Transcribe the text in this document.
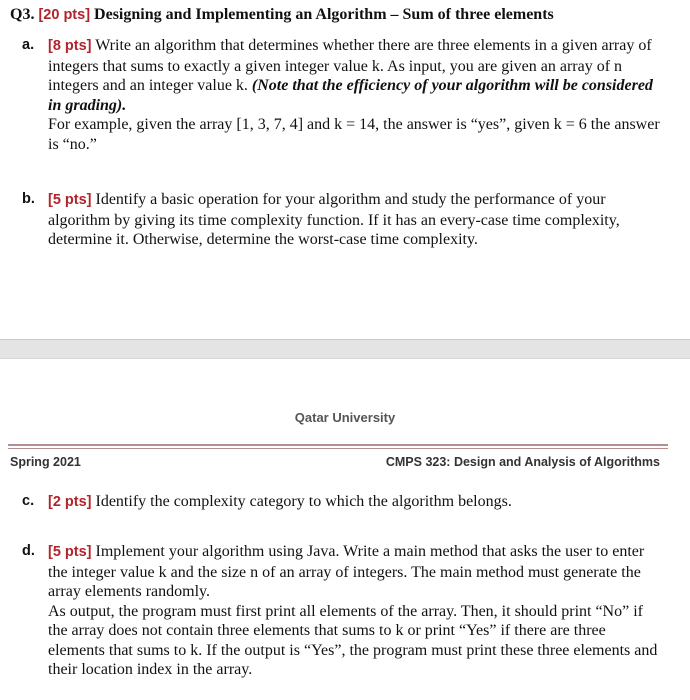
Q3. [20 pts] Designing and Implementing an Algorithm – Sum of three elements
a. [8 pts] Write an algorithm that determines whether there are three elements in a given array of integers that sums to exactly a given integer value k. As input, you are given an array of n integers and an integer value k. (Note that the efficiency of your algorithm will be considered in grading).

For example, given the array [1, 3, 7, 4] and k = 14, the answer is “yes”, given k = 6 the answer is “no.”

b. [5 pts] Identify a basic operation for your algorithm and study the performance of your algorithm by giving its time complexity function. If it has an every-case time complexity, determine it. Otherwise, determine the worst-case time complexity.

Qatar University
Spring 2021	CMPS 323: Design and Analysis of Algorithms
c. [2 pts] Identify the complexity category to which the algorithm belongs.

d. [5 pts] Implement your algorithm using Java. Write a main method that asks the user to enter the integer value k and the size n of an array of integers. The main method must generate the array elements randomly.

As output, the program must first print all elements of the array. Then, it should print “No” if the array does not contain three elements that sums to k or print “Yes” if there are three elements that sums to k. If the output is “Yes”, the program must print these three elements and their location index in the array.
